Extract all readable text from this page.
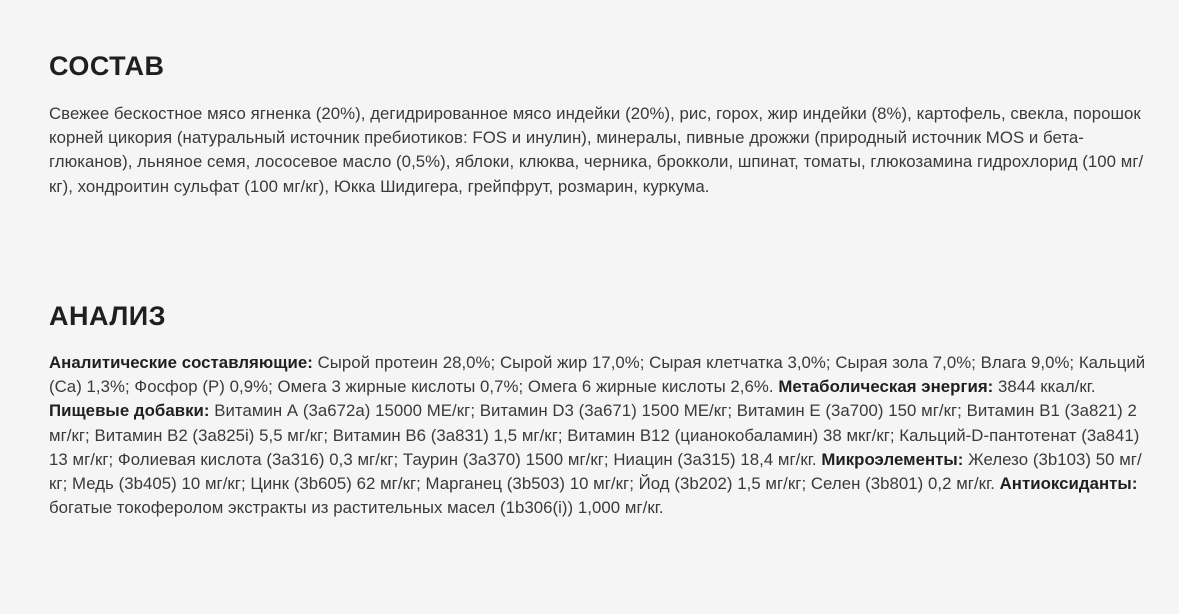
СОСТАВ

Свежее бескостное мясо ягненка (20%), дегидрированное мясо индейки (20%), рис, горох, жир индейки (8%), картофель, свекла, порошок корней цикория (натуральный источник пребиотиков: FOS и инулин), минералы, пивные дрожжи (природный источник MOS и бета-глюканов), льняное семя, лососевое масло (0,5%), яблоки, клюква, черника, брокколи, шпинат, томаты, глюкозамина гидрохлорид (100 мг/кг), хондроитин сульфат (100 мг/кг), Юкка Шидигера, грейпфрут, розмарин, куркума.

АНАЛИЗ

Аналитические составляющие: Сырой протеин 28,0%; Сырой жир 17,0%; Сырая клетчатка 3,0%; Сырая зола 7,0%; Влага 9,0%; Кальций (Ca) 1,3%; Фосфор (P) 0,9%; Омега 3 жирные кислоты 0,7%; Омега 6 жирные кислоты 2,6%. Метаболическая энергия: 3844 ккал/кг. Пищевые добавки: Витамин А (3а672а) 15000 МЕ/кг; Витамин D3 (3а671) 1500 МЕ/кг; Витамин Е (3а700) 150 мг/кг; Витамин В1 (3а821) 2 мг/кг; Витамин В2 (3а825i) 5,5 мг/кг; Витамин В6 (3а831) 1,5 мг/кг; Витамин В12 (цианокобаламин) 38 мкг/кг; Кальций-D-пантотенат (3а841) 13 мг/кг; Фолиевая кислота (3а316) 0,3 мг/кг; Таурин (3а370) 1500 мг/кг; Ниацин (3а315) 18,4 мг/кг. Микроэлементы: Железо (3b103) 50 мг/кг; Медь (3b405) 10 мг/кг; Цинк (3b605) 62 мг/кг; Марганец (3b503) 10 мг/кг; Йод (3b202) 1,5 мг/кг; Селен (3b801) 0,2 мг/кг. Антиоксиданты: богатые токоферолом экстракты из растительных масел (1b306(i)) 1,000 мг/кг.
